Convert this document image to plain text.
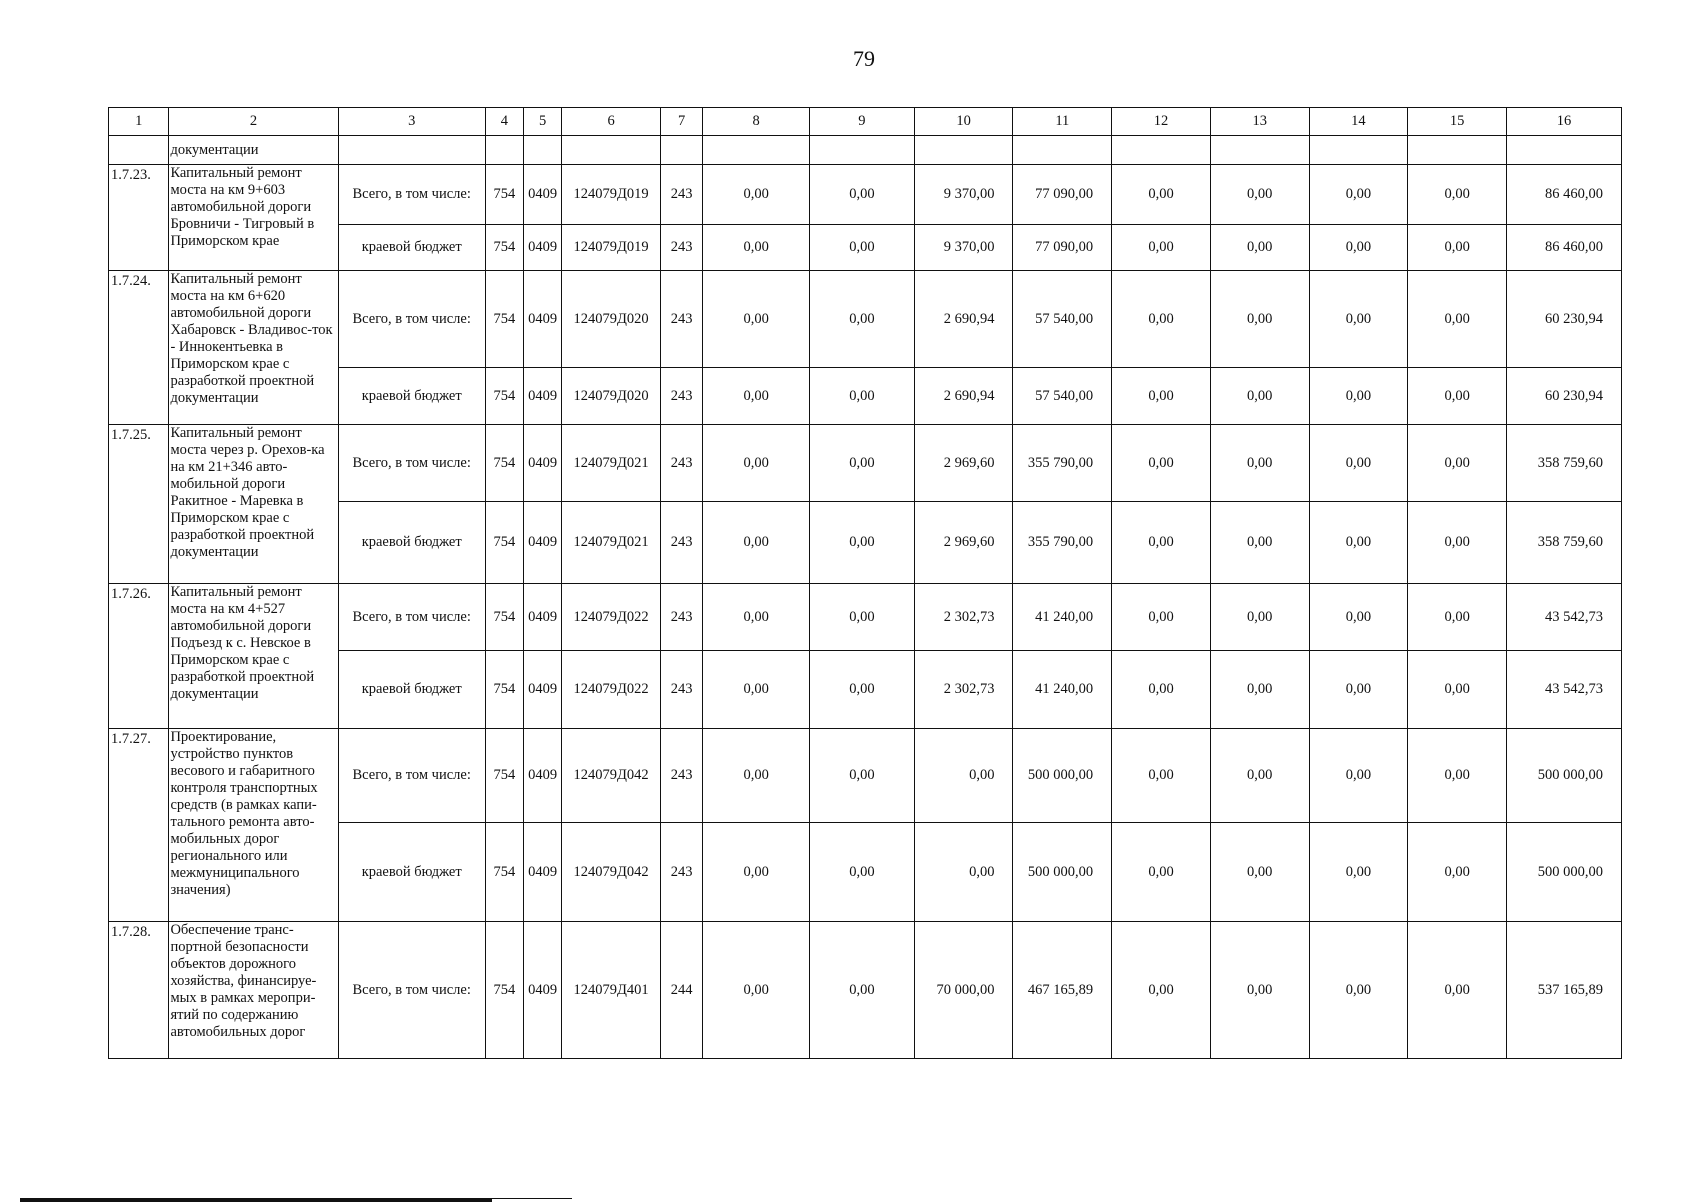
79
1	2	3	4	5	6	7	8	9	10	11	12	13	14	15	16
	документации														
1.7.23.	Капитальный ремонт моста на км 9+603 автомобильной дороги Бровничи - Тигровый в Приморском крае	Всего, в том числе:	754	0409	124079Д019	243	0,00	0,00	9 370,00	77 090,00	0,00	0,00	0,00	0,00	86 460,00
		краевой бюджет	754	0409	124079Д019	243	0,00	0,00	9 370,00	77 090,00	0,00	0,00	0,00	0,00	86 460,00
1.7.24.	Капитальный ремонт моста на км 6+620 автомобильной дороги Хабаровск - Владивос-ток - Иннокентьевка в Приморском крае с разработкой проектной документации	Всего, в том числе:	754	0409	124079Д020	243	0,00	0,00	2 690,94	57 540,00	0,00	0,00	0,00	0,00	60 230,94
		краевой бюджет	754	0409	124079Д020	243	0,00	0,00	2 690,94	57 540,00	0,00	0,00	0,00	0,00	60 230,94
1.7.25.	Капитальный ремонт моста через р. Орехов-ка на км 21+346 авто-мобильной дороги Ракитное - Маревка в Приморском крае с разработкой проектной документации	Всего, в том числе:	754	0409	124079Д021	243	0,00	0,00	2 969,60	355 790,00	0,00	0,00	0,00	0,00	358 759,60
		краевой бюджет	754	0409	124079Д021	243	0,00	0,00	2 969,60	355 790,00	0,00	0,00	0,00	0,00	358 759,60
1.7.26.	Капитальный ремонт моста на км 4+527 автомобильной дороги Подъезд к с. Невское в Приморском крае с разработкой проектной документации	Всего, в том числе:	754	0409	124079Д022	243	0,00	0,00	2 302,73	41 240,00	0,00	0,00	0,00	0,00	43 542,73
		краевой бюджет	754	0409	124079Д022	243	0,00	0,00	2 302,73	41 240,00	0,00	0,00	0,00	0,00	43 542,73
1.7.27.	Проектирование, устройство пунктов весового и габаритного контроля транспортных средств (в рамках капи-тального ремонта авто-мобильных дорог регионального или межмуниципального значения)	Всего, в том числе:	754	0409	124079Д042	243	0,00	0,00	0,00	500 000,00	0,00	0,00	0,00	0,00	500 000,00
		краевой бюджет	754	0409	124079Д042	243	0,00	0,00	0,00	500 000,00	0,00	0,00	0,00	0,00	500 000,00
1.7.28.	Обеспечение транс-портной безопасности объектов дорожного хозяйства, финансируе-мых в рамках меропри-ятий по содержанию автомобильных дорог	Всего, в том числе:	754	0409	124079Д401	244	0,00	0,00	70 000,00	467 165,89	0,00	0,00	0,00	0,00	537 165,89
